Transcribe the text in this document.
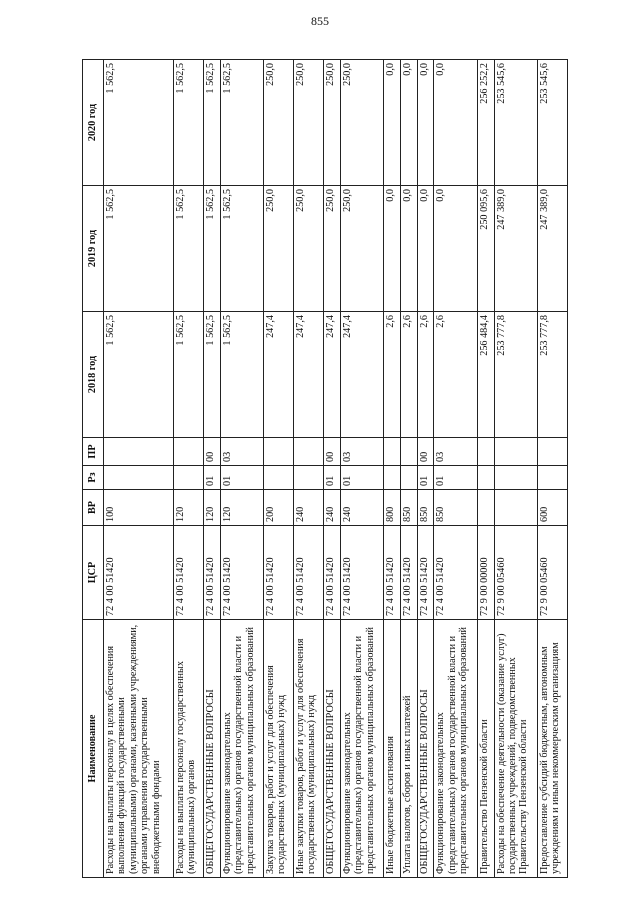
855
Наименование	ЦСР	ВР	Рз	ПР	2018 год	2019 год	2020 год
Расходы на выплаты персоналу в целях обеспечения выполнения функций государственными (муниципальными) органами, казенными учреждениями, органами управления государственными внебюджетными фондами	72 4 00 51420	100			1 562,5	1 562,5	1 562,5
Расходы на выплаты персоналу государственных (муниципальных) органов	72 4 00 51420	120			1 562,5	1 562,5	1 562,5
ОБЩЕГОСУДАРСТВЕННЫЕ ВОПРОСЫ	72 4 00 51420	120	01	00	1 562,5	1 562,5	1 562,5
Функционирование законодательных (представительных) органов государственной власти и представительных органов муниципальных образований	72 4 00 51420	120	01	03	1 562,5	1 562,5	1 562,5
Закупка товаров, работ и услуг для обеспечения государственных (муниципальных) нужд	72 4 00 51420	200			247,4	250,0	250,0
Иные закупки товаров, работ и услуг для обеспечения государственных (муниципальных) нужд	72 4 00 51420	240			247,4	250,0	250,0
ОБЩЕГОСУДАРСТВЕННЫЕ ВОПРОСЫ	72 4 00 51420	240	01	00	247,4	250,0	250,0
Функционирование законодательных (представительных) органов государственной власти и представительных органов муниципальных образований	72 4 00 51420	240	01	03	247,4	250,0	250,0
Иные бюджетные ассигнования	72 4 00 51420	800			2,6	0,0	0,0
Уплата налогов, сборов и иных платежей	72 4 00 51420	850			2,6	0,0	0,0
ОБЩЕГОСУДАРСТВЕННЫЕ ВОПРОСЫ	72 4 00 51420	850	01	00	2,6	0,0	0,0
Функционирование законодательных (представительных) органов государственной власти и представительных органов муниципальных образований	72 4 00 51420	850	01	03	2,6	0,0	0,0
Правительство Пензенской области	72 9 00 00000				256 484,4	250 095,6	256 252,2
Расходы на обеспечение деятельности (оказание услуг) государственных учреждений, подведомственных Правительству Пензенской области	72 9 00 05460				253 777,8	247 389,0	253 545,6
Предоставление субсидий бюджетным, автономным учреждениям и иным некоммерческим организациям	72 9 00 05460	600			253 777,8	247 389,0	253 545,6
